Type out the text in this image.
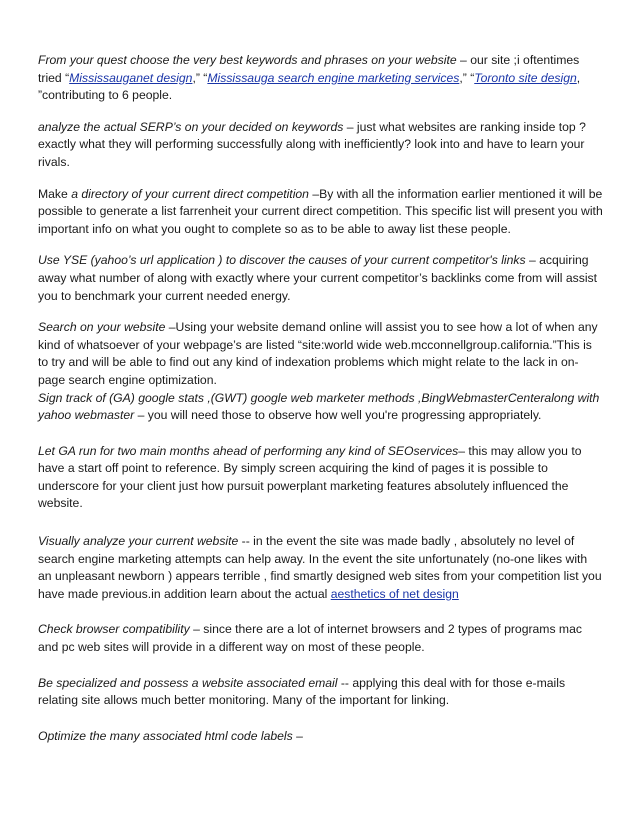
From your quest choose the very best keywords and phrases on your website – our site ;i oftentimes tried “Mississauganet design,” “Mississauga search engine marketing services,” “Toronto site design, ”contributing to 6 people.

analyze the actual SERP’s on your decided on keywords – just what websites are ranking inside top ? exactly what they will performing successfully along with inefficiently? look into and have to learn your rivals.

Make a directory of your current direct competition –By with all the information earlier mentioned it will be possible to generate a list farrenheit your current direct competition. This specific list will present you with important info on what you ought to complete so as to be able to away list these people.

Use YSE (yahoo’s url application ) to discover the causes of your current competitor's links – acquiring away what number of along with exactly where your current competitor’s backlinks come from will assist you to benchmark your current needed energy.

Search on your website –Using your website demand online will assist you to see how a lot of when any kind of whatsoever of your webpage’s are listed “site:world wide web.mcconnellgroup.california.”This is to try and will be able to find out any kind of indexation problems which might relate to the lack in on-page search engine optimization.

Sign track of (GA) google stats ,(GWT) google web marketer methods ,BingWebmasterCenteralong with yahoo webmaster – you will need those to observe how well you're progressing appropriately.

Let GA run for two main months ahead of performing any kind of SEOservices– this may allow you to have a start off point to reference. By simply screen acquiring the kind of pages it is possible to underscore for your client just how pursuit powerplant marketing features absolutely influenced the website.

Visually analyze your current website -- in the event the site was made badly , absolutely no level of search engine marketing attempts can help away. In the event the site unfortunately (no-one likes with an unpleasant newborn ) appears terrible , find smartly designed web sites from your competition list you have made previous.in addition learn about the actual aesthetics of net design

Check browser compatibility – since there are a lot of internet browsers and 2 types of programs mac and pc web sites will provide in a different way on most of these people.

Be specialized and possess a website associated email -- applying this deal with for those e-mails relating site allows much better monitoring. Many of the important for linking.

Optimize the many associated html code labels –
